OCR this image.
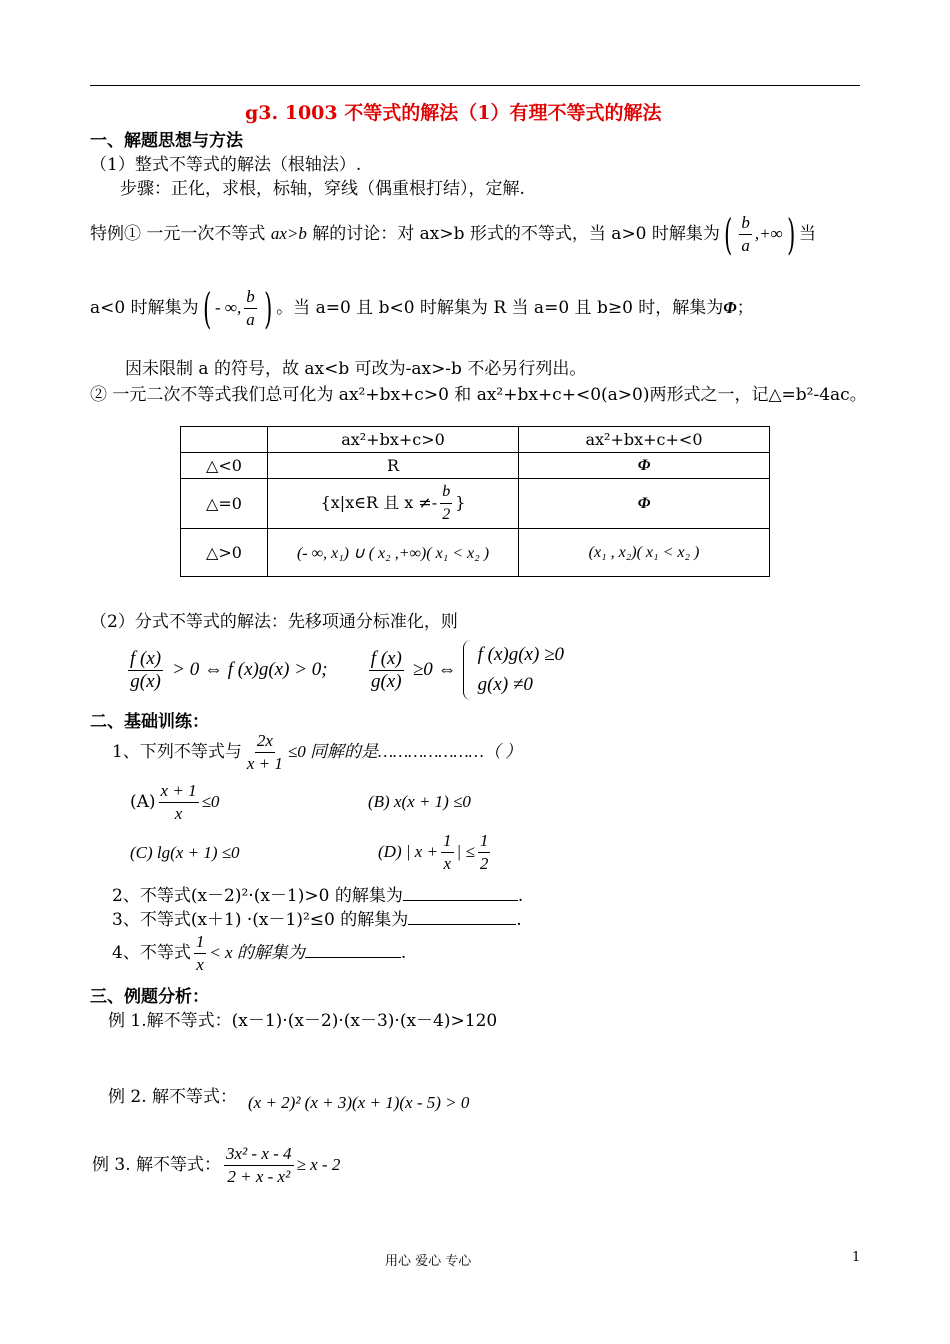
g3. 1003 不等式的解法（1）有理不等式的解法
一、解题思想与方法
（1）整式不等式的解法（根轴法）.
步骤：正化，求根，标轴，穿线（偶重根打结），定解.
特例① 一元一次不等式 ax>b 解的讨论：对 ax>b 形式的不等式，当 a>0 时解集为( $\frac{b}{a}$ ,+∞) 当
a<0 时解集为( - ∞, $\frac{b}{a}$ ) 。当 a=0 且 b<0 时解集为 R 当 a=0 且 b≥0 时，解集为Φ；
因未限制 a 的符号，故 ax<b 可改为-ax>-b 不必另行列出。
② 一元二次不等式我们总可化为 ax²+bx+c>0 和 ax²+bx+c+<0(a>0)两形式之一，记△=b²-4ac。
	ax²+bx+c>0	ax²+bx+c+<0
△<0	R	Φ
△=0	{x|x∈R 且 $x \ne- \frac{b}{2}$ }	Φ
△>0	(- ∞, x₁) ∪ ( x₂ ,+∞)( x₁ < x₂ )	(x₁ , x₂)( x₁ < x₂ )
（2）分式不等式的解法：先移项通分标准化，则
$\frac{f (x)}{g(x)} > 0$ ⇔ f (x)g(x) > 0; $\frac{f (x)}{g(x)} \ge 0$ ⇔
f (x)g(x) ≥0
g(x) ≠0
二、基础训练：
1、下列不等式与 $\frac{2x}{x + 1} \le 0$ 同解的是…………………（ ）
$(A) \frac{x + 1}{x} \le 0$	(B) x(x + 1) ≤0
(C) lg(x + 1) ≤0	(D) | $x + \frac{1}{x}$ | ≤ $\frac{1}{2}$
2、不等式(x－2)²·(x－1)>0 的解集为	.
3、不等式(x＋1) ·(x－1)²≤0 的解集为	.
4、不等式 $\frac{1}{x} < x$ 的解集为	.
三、例题分析：
例 1.解不等式：(x－1)·(x－2)·(x－3)·(x－4)>120
例 2. 解不等式： (x + 2)² (x + 3)(x + 1)(x - 5) > 0
例 3. 解不等式： $\frac{\text{3x² - x - 4}}{\text{2 + x - x²}} \ge x - 2$
用心 爱心 专心	1
